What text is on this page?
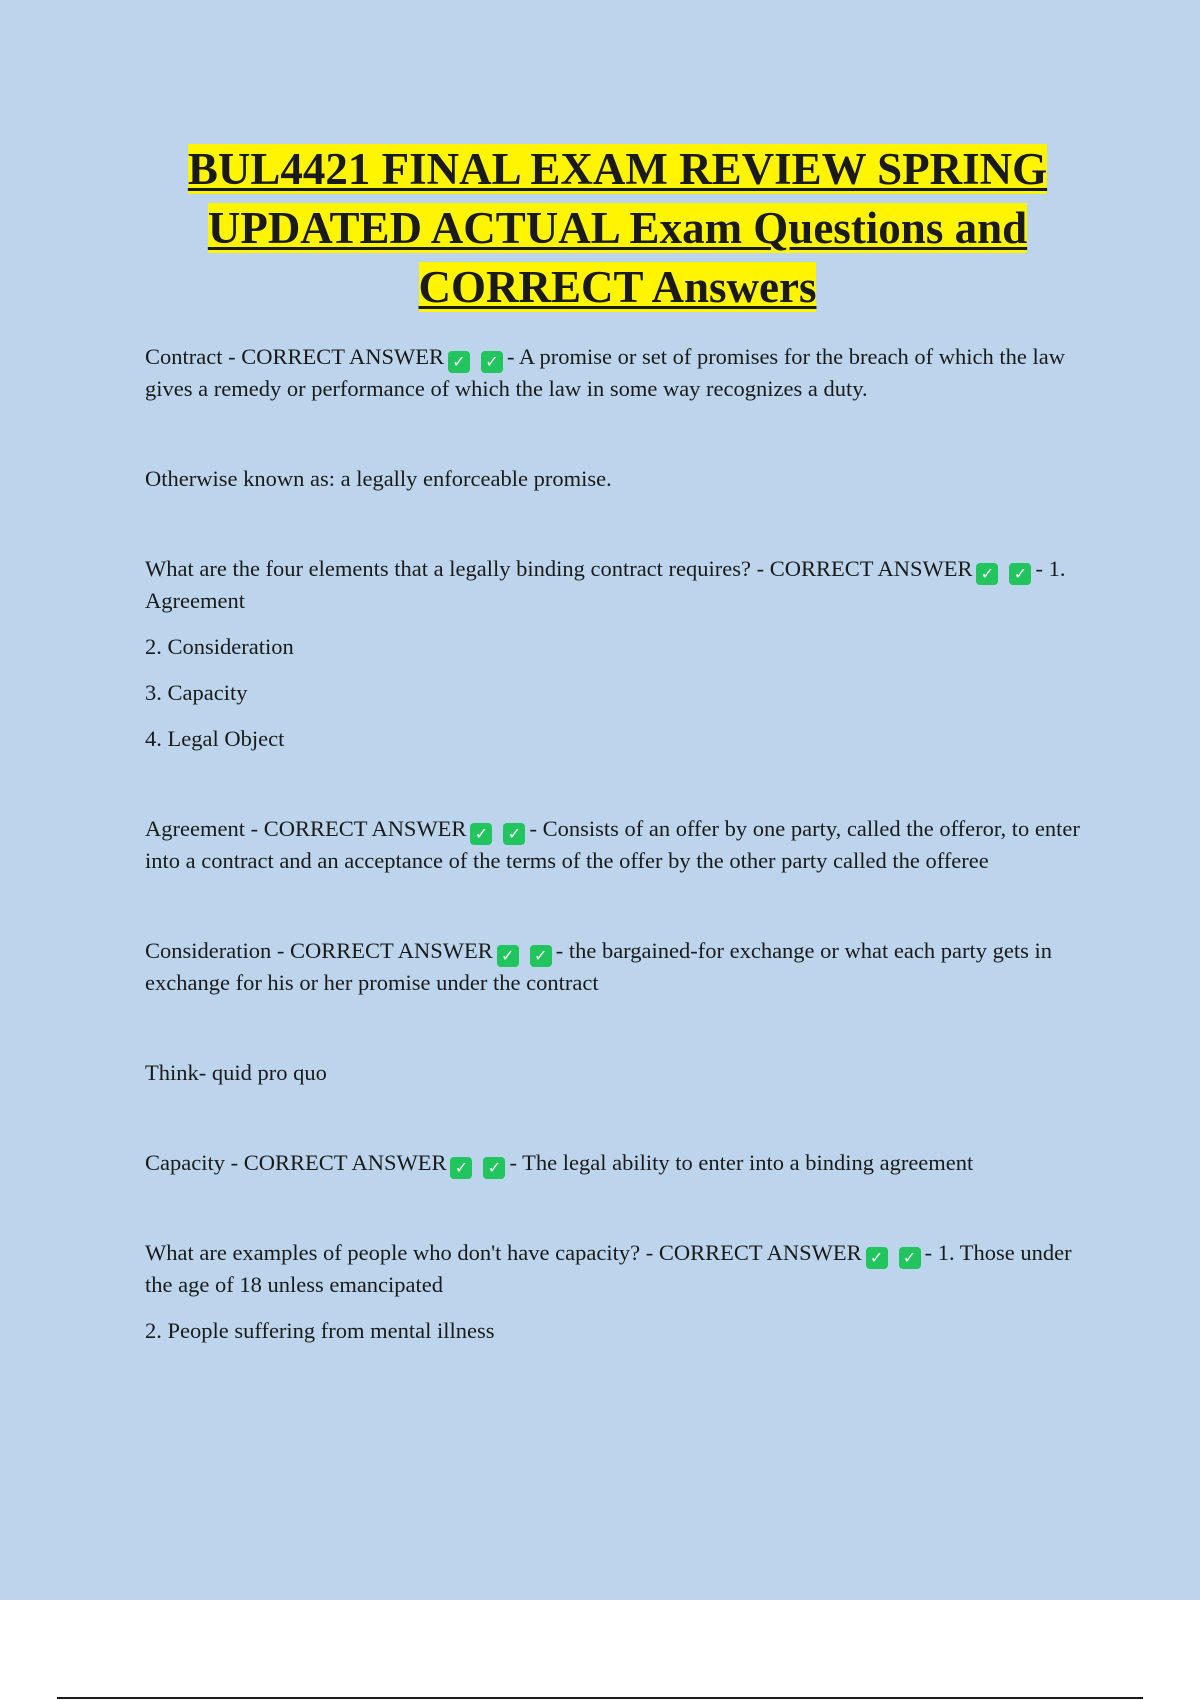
BUL4421 FINAL EXAM REVIEW SPRING
UPDATED ACTUAL Exam Questions and
CORRECT Answers

Contract - CORRECT ANSWER ✓ ✓ - A promise or set of promises for the breach of which the law gives a remedy or performance of which the law in some way recognizes a duty.

Otherwise known as: a legally enforceable promise.

What are the four elements that a legally binding contract requires? - CORRECT ANSWER ✓ ✓ - 1. Agreement

2. Consideration

3. Capacity

4. Legal Object

Agreement - CORRECT ANSWER ✓ ✓ - Consists of an offer by one party, called the offeror, to enter into a contract and an acceptance of the terms of the offer by the other party called the offeree

Consideration - CORRECT ANSWER ✓ ✓ - the bargained-for exchange or what each party gets in exchange for his or her promise under the contract

Think- quid pro quo

Capacity - CORRECT ANSWER ✓ ✓ - The legal ability to enter into a binding agreement

What are examples of people who don't have capacity? - CORRECT ANSWER ✓ ✓ - 1. Those under the age of 18 unless emancipated

2. People suffering from mental illness
